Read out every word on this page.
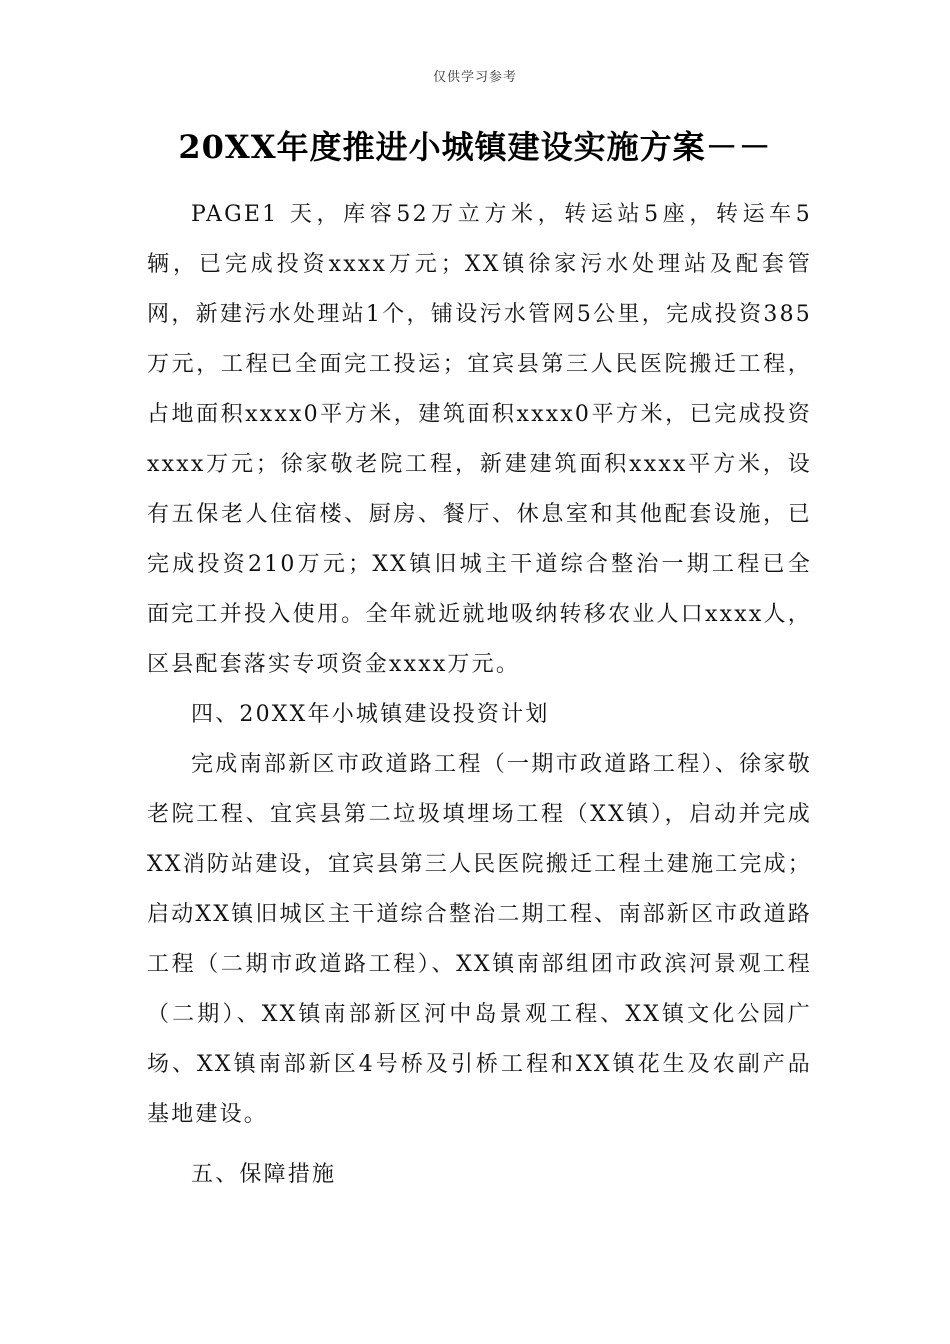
仅供学习参考
20XX年度推进小城镇建设实施方案－－

PAGE1 天，库容52万立方米，转运站5座，转运车5辆，已完成投资xxxx万元；XX镇徐家污水处理站及配套管网，新建污水处理站1个，铺设污水管网5公里，完成投资385万元，工程已全面完工投运；宜宾县第三人民医院搬迁工程，占地面积xxxx0平方米，建筑面积xxxx0平方米，已完成投资xxxx万元；徐家敬老院工程，新建建筑面积xxxx平方米，设有五保老人住宿楼、厨房、餐厅、休息室和其他配套设施，已完成投资210万元；XX镇旧城主干道综合整治一期工程已全面完工并投入使用。全年就近就地吸纳转移农业人口xxxx人，区县配套落实专项资金xxxx万元。

四、20XX年小城镇建设投资计划

完成南部新区市政道路工程（一期市政道路工程）、徐家敬老院工程、宜宾县第二垃圾填埋场工程（XX镇），启动并完成XX消防站建设，宜宾县第三人民医院搬迁工程土建施工完成；启动XX镇旧城区主干道综合整治二期工程、南部新区市政道路工程（二期市政道路工程）、XX镇南部组团市政滨河景观工程（二期）、XX镇南部新区河中岛景观工程、XX镇文化公园广场、XX镇南部新区4号桥及引桥工程和XX镇花生及农副产品基地建设。

五、保障措施
